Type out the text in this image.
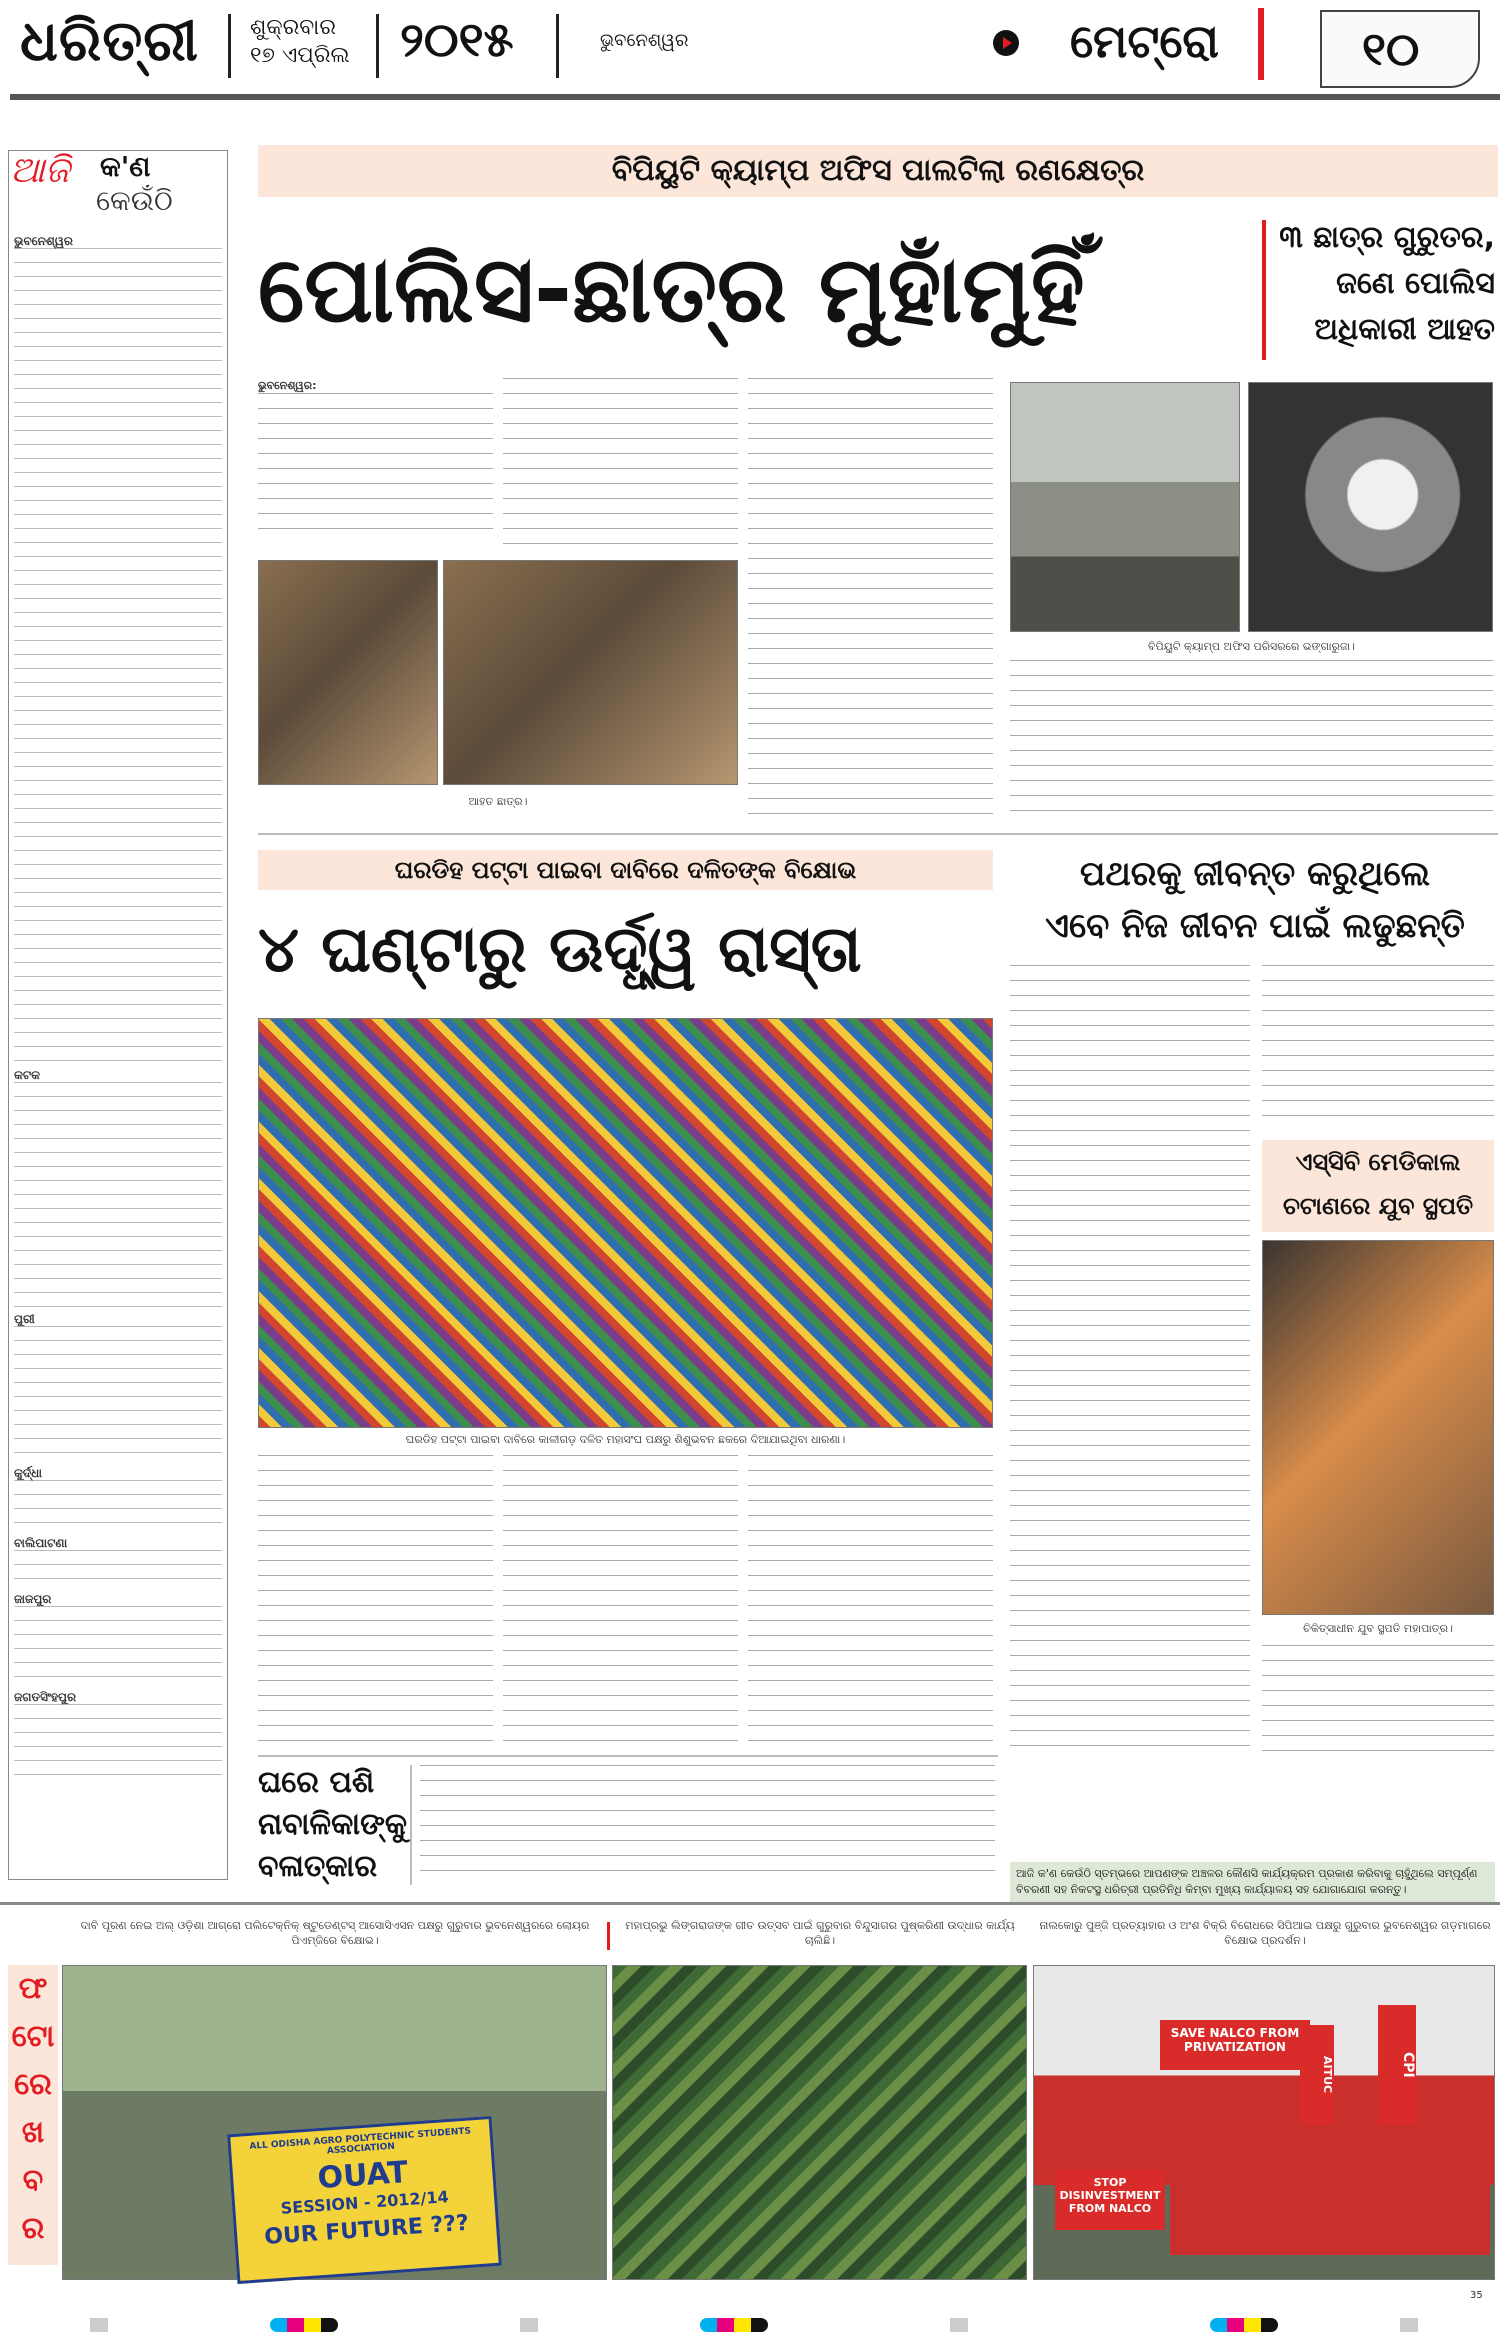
ଧରିତ୍ରୀ ଶୁକ୍ରବାର
୧୭ ଏପ୍ରିଲ ୨୦୧୫	ଭୁବନେଶ୍ୱର	ମେଟ୍ରୋ	୧୦
ଆଜି କ'ଣ
କେଉଁଠି
ଭୁବନେଶ୍ୱର
କଟକ
ପୁରୀ
କୁର୍ଦ୍ଧା
ବାଲିପାଟଣା
ଜାଜପୁର
ଜଗତସିଂହପୁର
ବିପିୟୁଟି କ୍ୟାମ୍ପ ଅଫିସ ପାଲଟିଲା ରଣକ୍ଷେତ୍ର
ପୋଲିସ-ଛାତ୍ର ମୁହାଁମୁହିଁ	୩ ଛାତ୍ର ଗୁରୁତର,
ଜଣେ ପୋଲିସ
ଅଧିକାରୀ ଆହତ
ଭୁବନେଶ୍ୱର:
ଆହତ ଛାତ୍ର।
ବିପିୟୁଟି କ୍ୟାମ୍ପ ଅଫିସ ପରିସରରେ ଭଙ୍ଗାରୁଜା।
ଘରଡିହ ପଟ୍ଟା ପାଇବା ଦାବିରେ ଦଳିତଙ୍କ ବିକ୍ଷୋଭ
୪ ଘଣ୍ଟାରୁ ଊର୍ଦ୍ଧ୍ୱ ରାସ୍ତା
ଘରଡିହ ପଟ୍ଟା ପାଇବା ଦାବିରେ କାଳୀଗଡ଼ ଦଳିତ ମହାସଂଘ ପକ୍ଷରୁ ଶିଶୁଭବନ ଛକରେ ଦିଆଯାଇଥିବା ଧାରଣା।
ପଥରକୁ ଜୀବନ୍ତ କରୁଥିଲେ
ଏବେ ନିଜ ଜୀବନ ପାଇଁ ଲଢୁଛନ୍ତି
ଏସ୍‌ସିବି ମେଡିକାଲ
ଚଟାଣରେ ଯୁବ ସ୍ଥପତି
ଚିକିତ୍ସାଧୀନ ଯୁବ ସ୍ଥପତି ମହାପାତ୍ର।
ଘରେ ପଶି
ନାବାଳିକାଙ୍କୁ
ବଳାତ୍କାର	ଆଜି କ'ଣ କେଉଁଠି ସ୍ତମ୍ଭରେ ଆପଣଙ୍କ ଅଞ୍ଚଳର କୌଣସି କାର୍ଯ୍ୟକ୍ରମ ପ୍ରକାଶ କରିବାକୁ ଚାହୁଁଥିଲେ ସମ୍ପୂର୍ଣ୍ଣ ବିବରଣୀ ସହ ନିକଟସ୍ଥ ଧରିତ୍ରୀ ପ୍ରତିନିଧି କିମ୍ବା ମୁଖ୍ୟ କାର୍ଯ୍ୟାଳୟ ସହ ଯୋଗାଯୋଗ କରନ୍ତୁ।
ଫ
ଟୋ
ରେ
ଖ
ବ
ର
ଦାବି ପୂରଣ ନେଇ ଅଲ୍ ଓଡ଼ିଶା ଆଗ୍ରୋ ପଲିଟେକ୍‌ନିକ୍ ଷ୍ଟୁଡେଣ୍ଟସ୍ ଆସୋସିଏସନ ପକ୍ଷରୁ ଗୁରୁବାର ଭୁବନେଶ୍ୱରରେ ଲୋୟର ପିଏମ୍‌ଜିରେ ବିକ୍ଷୋଭ।
ମହାପ୍ରଭୁ ଲିଙ୍ଗରାଜଙ୍କ ଗୀତ ଉତ୍ସବ ପାଇଁ ଗୁରୁବାର ବିନ୍ଦୁସାଗର ପୁଷ୍କରିଣୀ ଉଦ୍ଧାର କାର୍ଯ୍ୟ ଚାଲିଛି।
ନାଲକୋରୁ ପୁଞ୍ଜି ପ୍ରତ୍ୟାହାର ଓ ଅଂଶ ବିକ୍ରି ବିରୋଧରେ ସିପିଆଇ ପକ୍ଷରୁ ଗୁରୁବାର ଭୁବନେଶ୍ୱର ଗଡ଼ମାଗରେ ବିକ୍ଷୋଭ ପ୍ରଦର୍ଶନ।
ALL ODISHA AGRO POLYTECHNIC STUDENTS ASSOCIATION
OUAT
SESSION - 2012/14
OUR FUTURE ???
SAVE NALCO FROM PRIVATIZATION
AITUC	CPI
STOP DISINVESTMENT FROM NALCO
35
